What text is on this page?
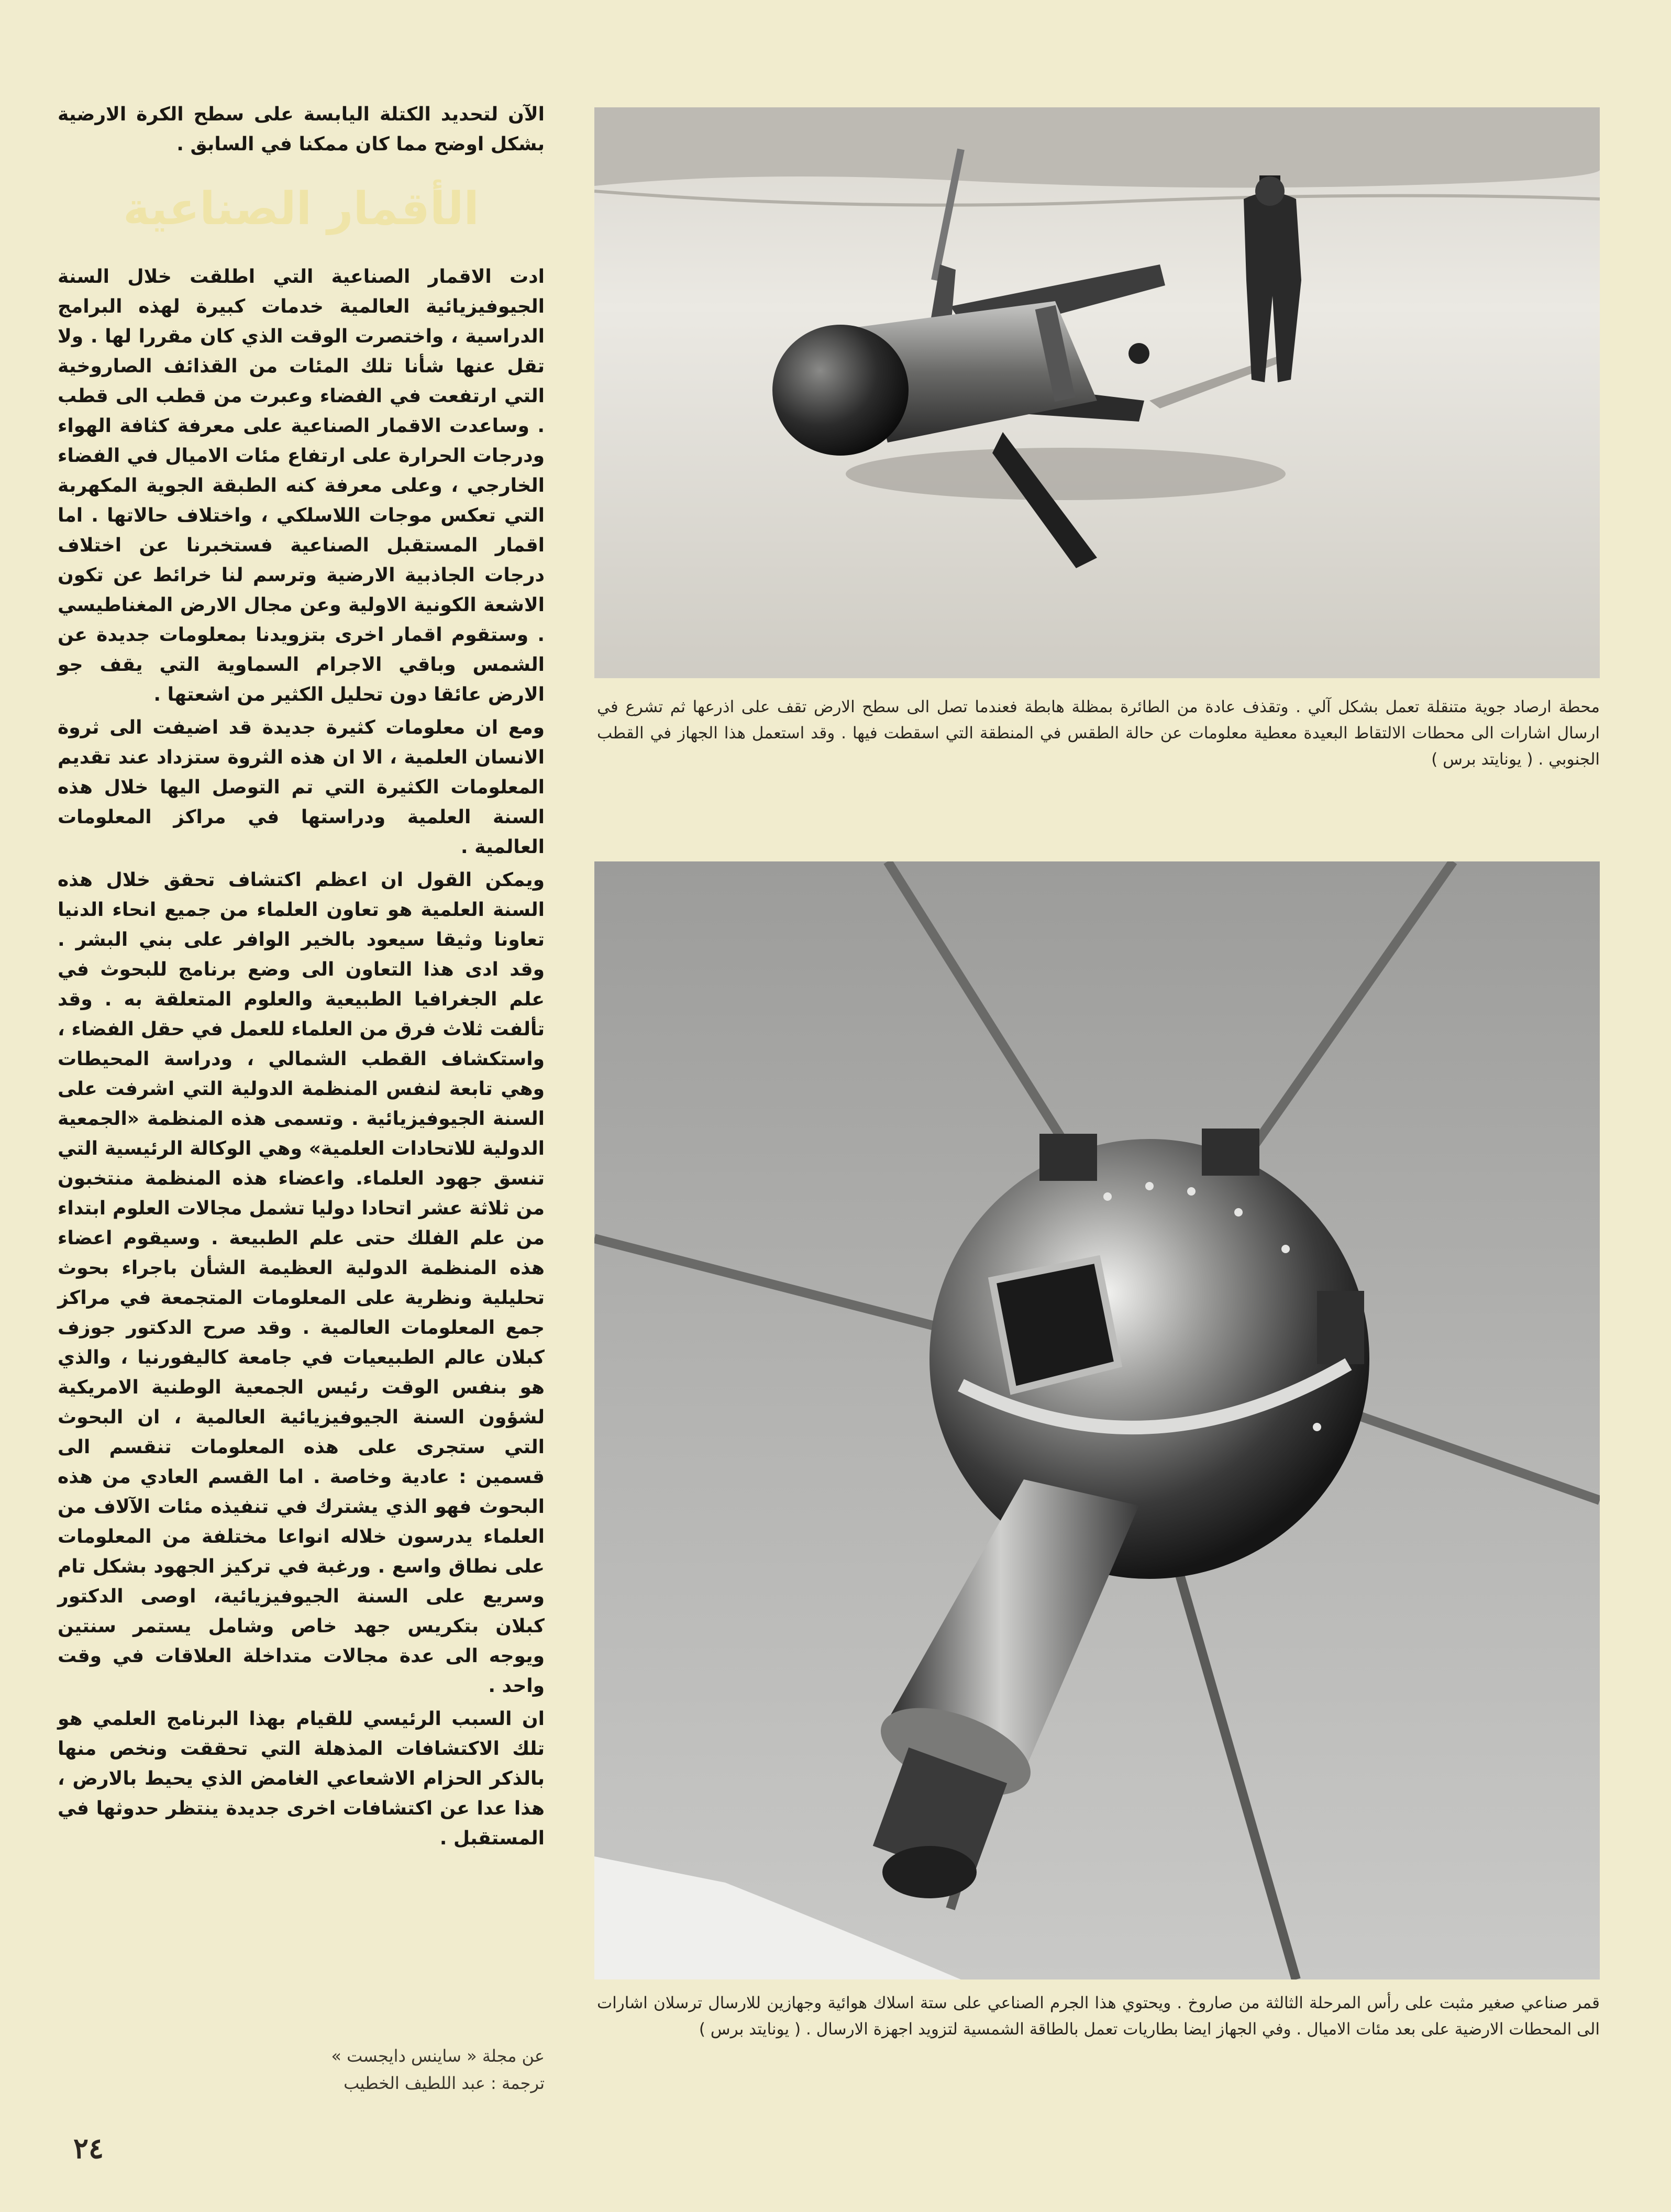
الآن لتحديد الكتلة اليابسة على سطح الكرة الارضية بشكل اوضح مما كان ممكنا في السابق .

الأقمار الصناعية

ادت الاقمار الصناعية التي اطلقت خلال السنة الجيوفيزيائية العالمية خدمات كبيرة لهذه البرامج الدراسية ، واختصرت الوقت الذي كان مقررا لها . ولا تقل عنها شأنا تلك المئات من القذائف الصاروخية التي ارتفعت في الفضاء وعبرت من قطب الى قطب . وساعدت الاقمار الصناعية على معرفة كثافة الهواء ودرجات الحرارة على ارتفاع مئات الاميال في الفضاء الخارجي ، وعلى معرفة كنه الطبقة الجوية المكهربة التي تعكس موجات اللاسلكي ، واختلاف حالاتها . اما اقمار المستقبل الصناعية فستخبرنا عن اختلاف درجات الجاذبية الارضية وترسم لنا خرائط عن تكون الاشعة الكونية الاولية وعن مجال الارض المغناطيسي . وستقوم اقمار اخرى بتزويدنا بمعلومات جديدة عن الشمس وباقي الاجرام السماوية التي يقف جو الارض عائقا دون تحليل الكثير من اشعتها .

ومع ان معلومات كثيرة جديدة قد اضيفت الى ثروة الانسان العلمية ، الا ان هذه الثروة ستزداد عند تقديم المعلومات الكثيرة التي تم التوصل اليها خلال هذه السنة العلمية ودراستها في مراكز المعلومات العالمية .

ويمكن القول ان اعظم اكتشاف تحقق خلال هذه السنة العلمية هو تعاون العلماء من جميع انحاء الدنيا تعاونا وثيقا سيعود بالخير الوافر على بني البشر . وقد ادى هذا التعاون الى وضع برنامج للبحوث في علم الجغرافيا الطبيعية والعلوم المتعلقة به . وقد تألفت ثلاث فرق من العلماء للعمل في حقل الفضاء ، واستكشاف القطب الشمالي ، ودراسة المحيطات وهي تابعة لنفس المنظمة الدولية التي اشرفت على السنة الجيوفيزيائية . وتسمى هذه المنظمة «الجمعية الدولية للاتحادات العلمية» وهي الوكالة الرئيسية التي تنسق جهود العلماء. واعضاء هذه المنظمة منتخبون من ثلاثة عشر اتحادا دوليا تشمل مجالات العلوم ابتداء من علم الفلك حتى علم الطبيعة . وسيقوم اعضاء هذه المنظمة الدولية العظيمة الشأن باجراء بحوث تحليلية ونظرية على المعلومات المتجمعة في مراكز جمع المعلومات العالمية . وقد صرح الدكتور جوزف كبلان عالم الطبيعيات في جامعة كاليفورنيا ، والذي هو بنفس الوقت رئيس الجمعية الوطنية الامريكية لشؤون السنة الجيوفيزيائية العالمية ، ان البحوث التي ستجرى على هذه المعلومات تنقسم الى قسمين : عادية وخاصة . اما القسم العادي من هذه البحوث فهو الذي يشترك في تنفيذه مئات الآلاف من العلماء يدرسون خلاله انواعا مختلفة من المعلومات على نطاق واسع . ورغبة في تركيز الجهود بشكل تام وسريع على السنة الجيوفيزيائية، اوصى الدكتور كبلان بتكريس جهد خاص وشامل يستمر سنتين ويوجه الى عدة مجالات متداخلة العلاقات في وقت واحد .

ان السبب الرئيسي للقيام بهذا البرنامج العلمي هو تلك الاكتشافات المذهلة التي تحققت ونخص منها بالذكر الحزام الاشعاعي الغامض الذي يحيط بالارض ، هذا عدا عن اكتشافات اخرى جديدة ينتظر حدوثها في المستقبل .

عن مجلة « ساينس دايجست »
ترجمة : عبد اللطيف الخطيب
٢٤
محطة ارصاد جوية متنقلة تعمل بشكل آلي . وتقذف عادة من الطائرة بمظلة هابطة فعندما تصل الى سطح الارض تقف على اذرعها ثم تشرع في ارسال اشارات الى محطات الالتقاط البعيدة معطية معلومات عن حالة الطقس في المنطقة التي اسقطت فيها . وقد استعمل هذا الجهاز في القطب الجنوبي . ( يونايتد برس )
قمر صناعي صغير مثبت على رأس المرحلة الثالثة من صاروخ . ويحتوي هذا الجرم الصناعي على ستة اسلاك هوائية وجهازين للارسال ترسلان اشارات الى المحطات الارضية على بعد مئات الاميال . وفي الجهاز ايضا بطاريات تعمل بالطاقة الشمسية لتزويد اجهزة الارسال . ( يونايتد برس )
